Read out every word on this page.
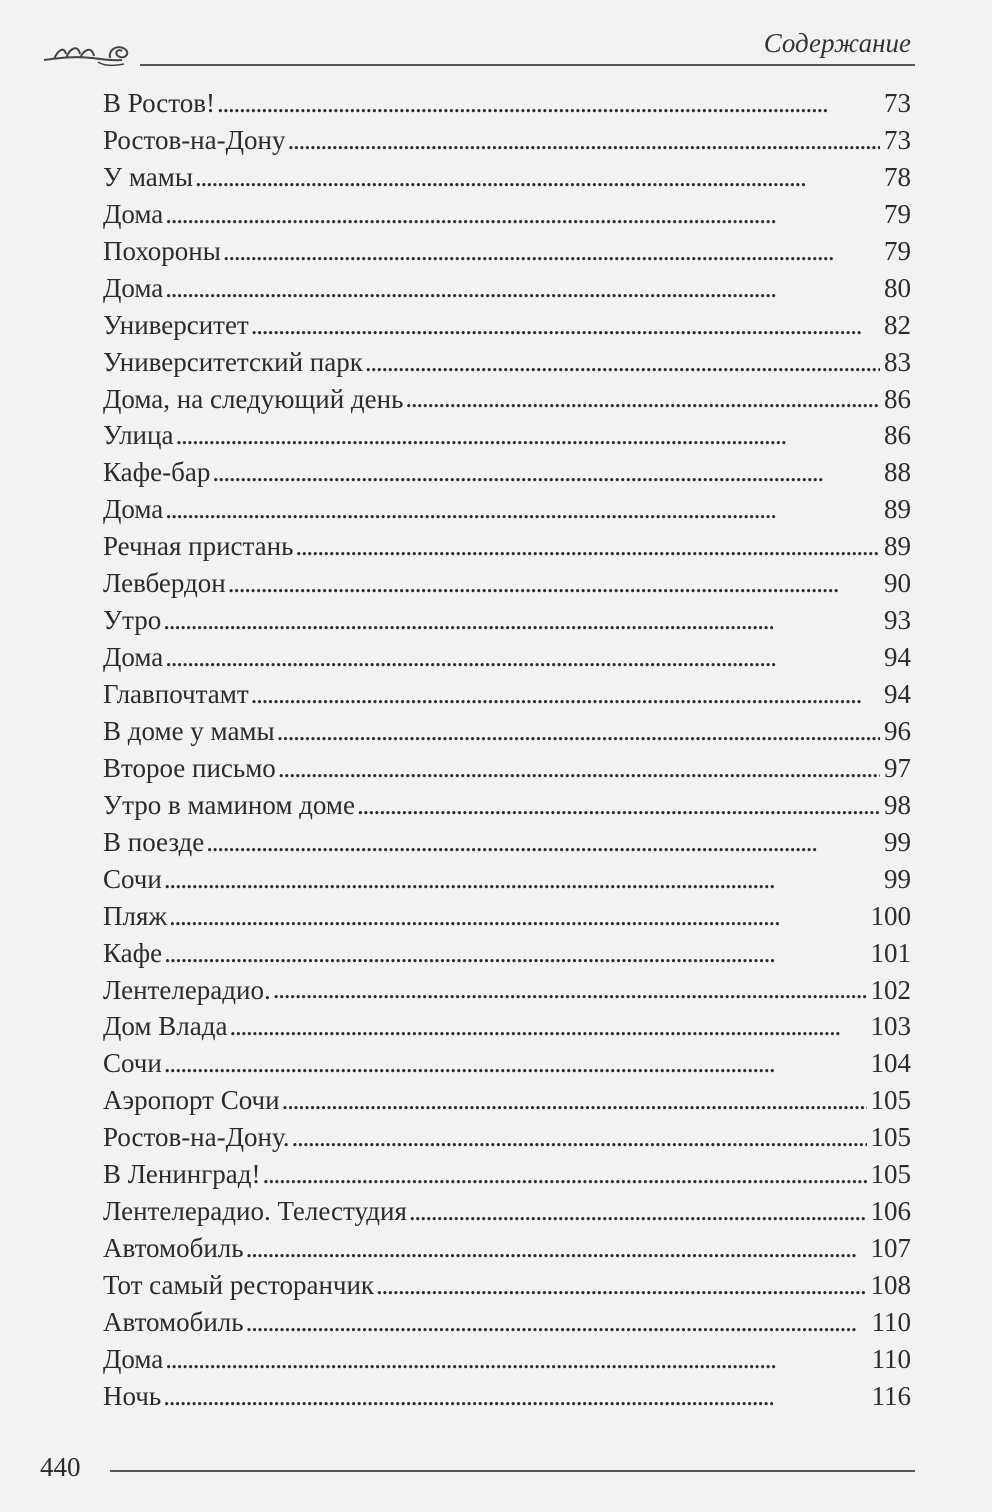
Содержание
В Ростов! . . .	73
Ростов-на-Дону . . .	73
У мамы . . .	78
Дома . . .	79
Похороны . . .	79
Дома . . .	80
Университет . . .	82
Университетский парк . . .	83
Дома, на следующий день . . .	86
Улица . . .	86
Кафе-бар . . .	88
Дома . . .	89
Речная пристань . . .	89
Левбердон . . .	90
Утро . . .	93
Дома . . .	94
Главпочтамт . . .	94
В доме у мамы . . .	96
Второе письмо . . .	97
Утро в мамином доме . . .	98
В поезде . . .	99
Сочи . . .	99
Пляж . . .	100
Кафе . . .	101
Лентелерадио. . . .	102
Дом Влада . . .	103
Сочи . . .	104
Аэропорт Сочи . . .	105
Ростов-на-Дону. . . .	105
В Ленинград! . . .	105
Лентелерадио. Телестудия . . .	106
Автомобиль . . .	107
Тот самый ресторанчик . . .	108
Автомобиль . . .	110
Дома . . .	110
Ночь . . .	116
440
